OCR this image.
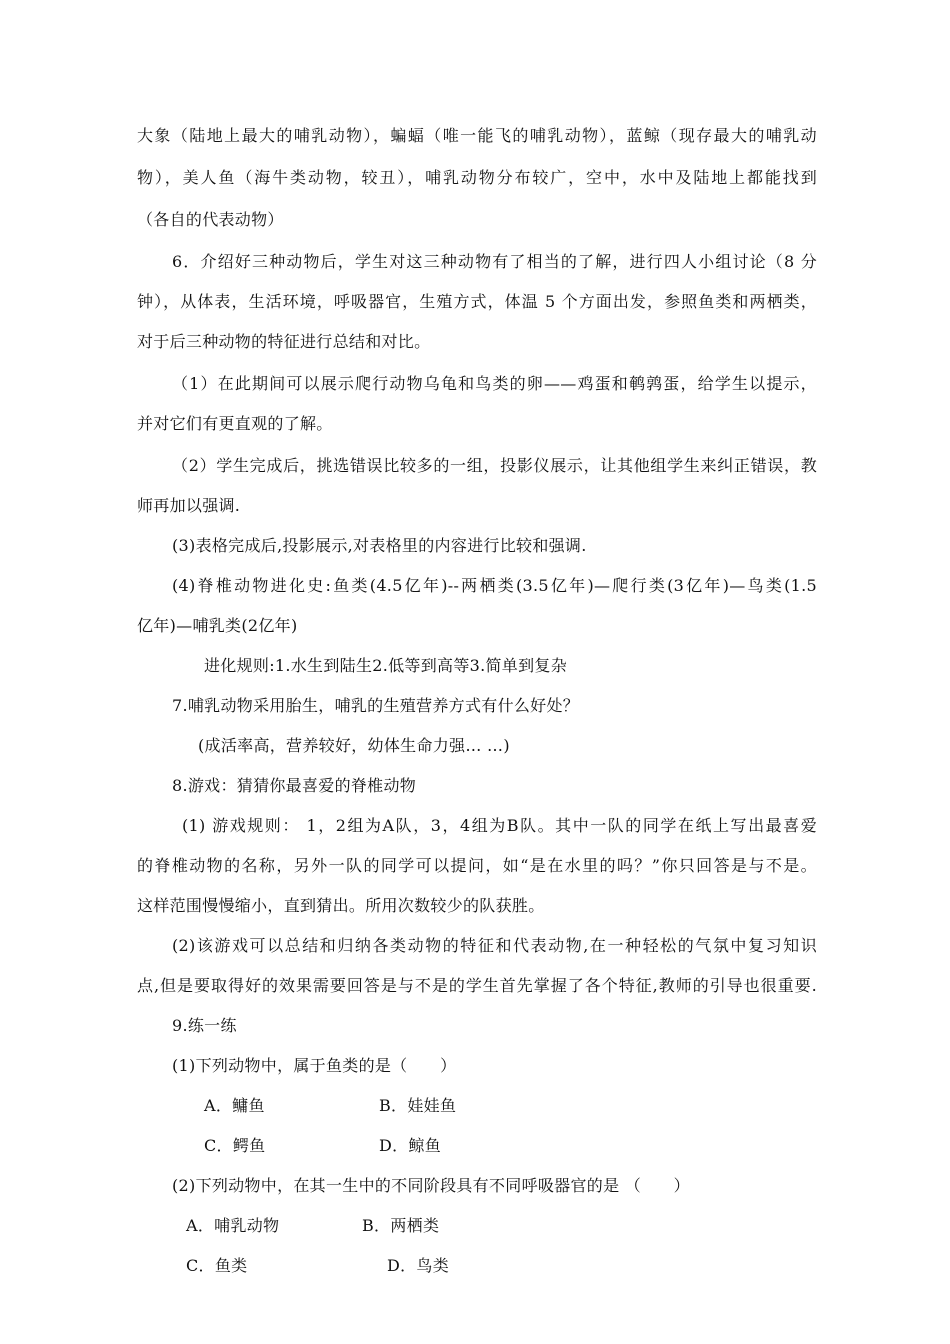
大象（陆地上最大的哺乳动物），蝙蝠（唯一能飞的哺乳动物），蓝鲸（现存最大的哺乳动
物），美人鱼（海牛类动物，较丑），哺乳动物分布较广，空中，水中及陆地上都能找到
（各自的代表动物）
6．介绍好三种动物后，学生对这三种动物有了相当的了解，进行四人小组讨论（8 分
钟），从体表，生活环境，呼吸器官，生殖方式，体温 5 个方面出发，参照鱼类和两栖类，
对于后三种动物的特征进行总结和对比。
（1）在此期间可以展示爬行动物乌龟和鸟类的卵——鸡蛋和鹌鹑蛋，给学生以提示，
并对它们有更直观的了解。
（2）学生完成后，挑选错误比较多的一组，投影仪展示，让其他组学生来纠正错误，教
师再加以强调.
(3)表格完成后,投影展示,对表格里的内容进行比较和强调.
(4)脊椎动物进化史:鱼类(4.5亿年)--两栖类(3.5亿年)—爬行类(3亿年)—鸟类(1.5
亿年)—哺乳类(2亿年)
进化规则:1.水生到陆生2.低等到高等3.简单到复杂
7.哺乳动物采用胎生，哺乳的生殖营养方式有什么好处？
(成活率高，营养较好，幼体生命力强… …)
8.游戏：猜猜你最喜爱的脊椎动物
(1) 游戏规则： 1，2组为A队，3，4组为B队。其中一队的同学在纸上写出最喜爱
的脊椎动物的名称，另外一队的同学可以提问，如“是在水里的吗？”你只回答是与不是。
这样范围慢慢缩小，直到猜出。所用次数较少的队获胜。
(2)该游戏可以总结和归纳各类动物的特征和代表动物,在一种轻松的气氛中复习知识
点,但是要取得好的效果需要回答是与不是的学生首先掌握了各个特征,教师的引导也很重要.
9.练一练
(1)下列动物中，属于鱼类的是（　　）
A．鳙鱼	B．娃娃鱼
C．鳄鱼	D．鲸鱼
(2)下列动物中，在其一生中的不同阶段具有不同呼吸器官的是 （　　）
A．哺乳动物	B．两栖类
C．鱼类	D．鸟类
